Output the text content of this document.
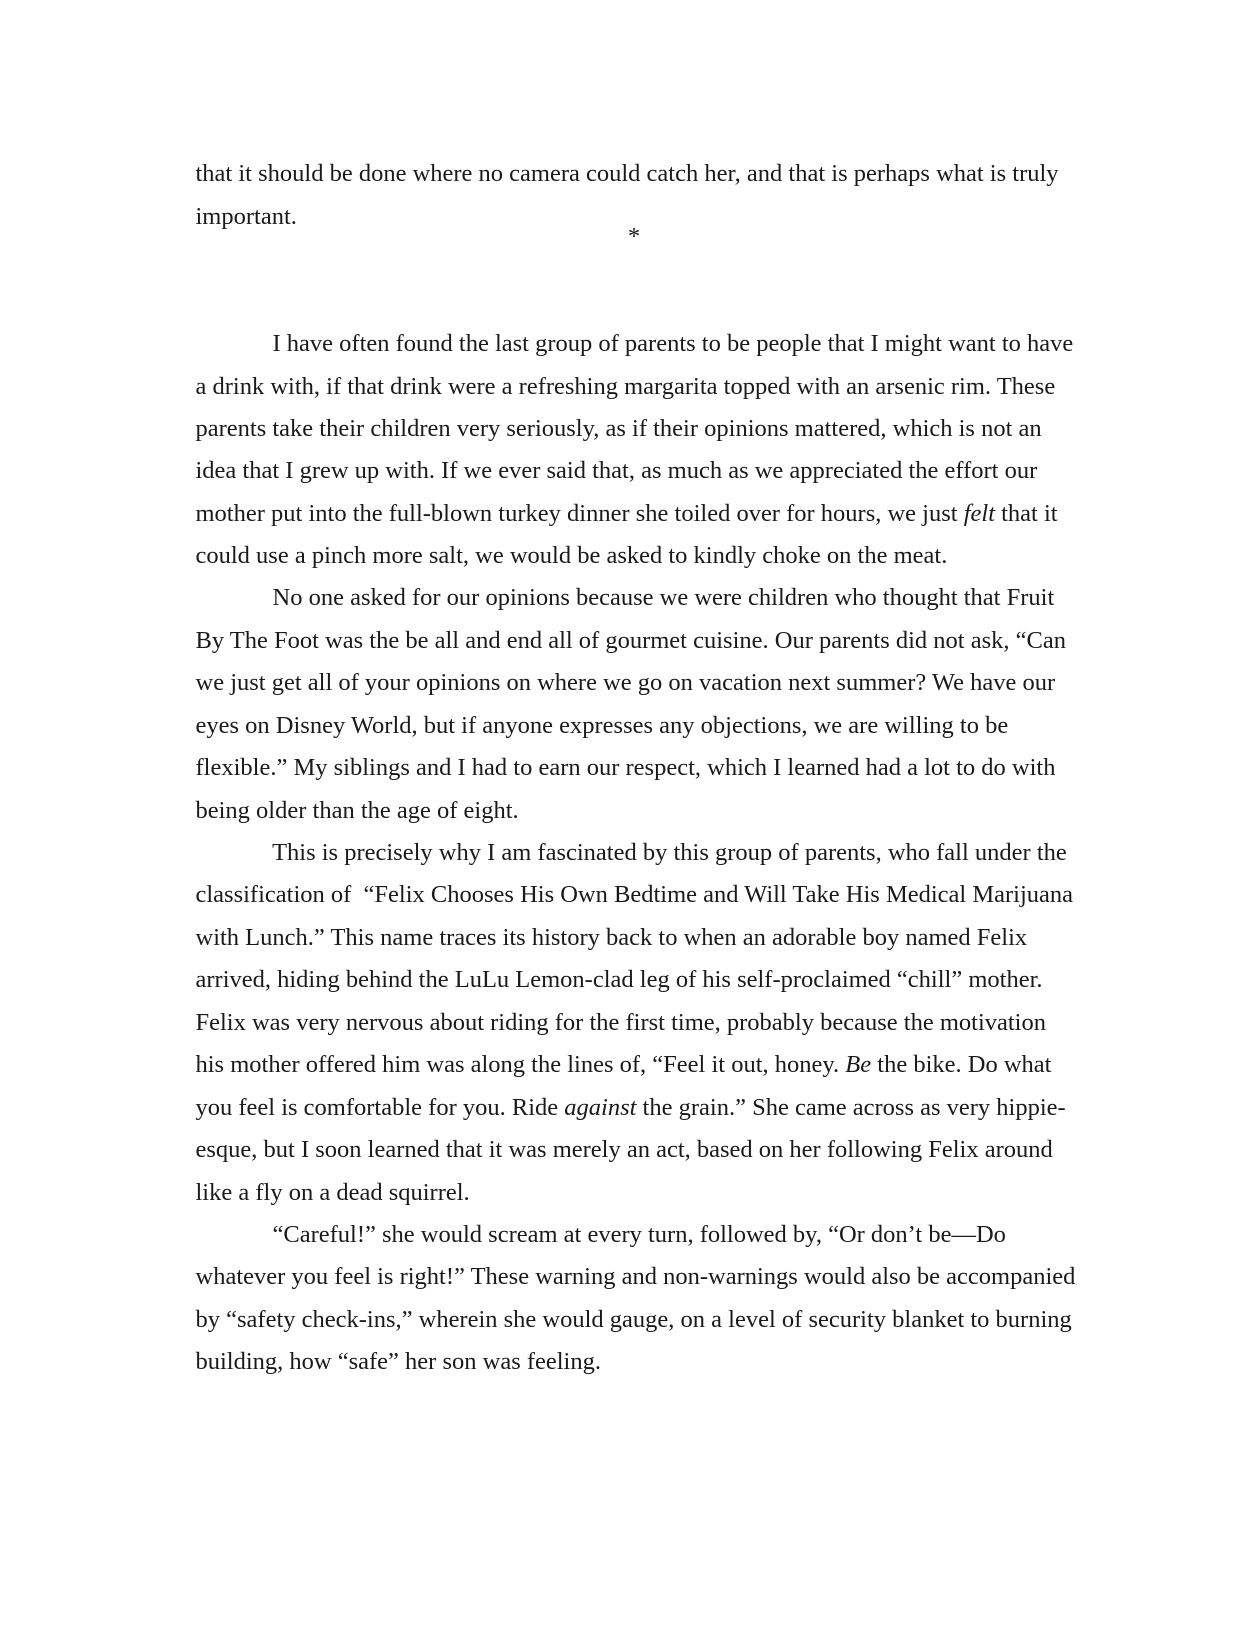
*

that it should be done where no camera could catch her, and that is perhaps what is truly

important.

I have often found the last group of parents to be people that I might want to have

a drink with, if that drink were a refreshing margarita topped with an arsenic rim. These

parents take their children very seriously, as if their opinions mattered, which is not an

idea that I grew up with. If we ever said that, as much as we appreciated the effort our

mother put into the full-blown turkey dinner she toiled over for hours, we just felt that it

could use a pinch more salt, we would be asked to kindly choke on the meat.

No one asked for our opinions because we were children who thought that Fruit

By The Foot was the be all and end all of gourmet cuisine. Our parents did not ask, “Can

we just get all of your opinions on where we go on vacation next summer? We have our

eyes on Disney World, but if anyone expresses any objections, we are willing to be

flexible.” My siblings and I had to earn our respect, which I learned had a lot to do with

being older than the age of eight.

This is precisely why I am fascinated by this group of parents, who fall under the

classification of  “Felix Chooses His Own Bedtime and Will Take His Medical Marijuana

with Lunch.” This name traces its history back to when an adorable boy named Felix

arrived, hiding behind the LuLu Lemon-clad leg of his self-proclaimed “chill” mother.

Felix was very nervous about riding for the first time, probably because the motivation

his mother offered him was along the lines of, “Feel it out, honey. Be the bike. Do what

you feel is comfortable for you. Ride against the grain.” She came across as very hippie-

esque, but I soon learned that it was merely an act, based on her following Felix around

like a fly on a dead squirrel.

“Careful!” she would scream at every turn, followed by, “Or don’t be—Do

whatever you feel is right!” These warning and non-warnings would also be accompanied

by “safety check-ins,” wherein she would gauge, on a level of security blanket to burning

building, how “safe” her son was feeling.
